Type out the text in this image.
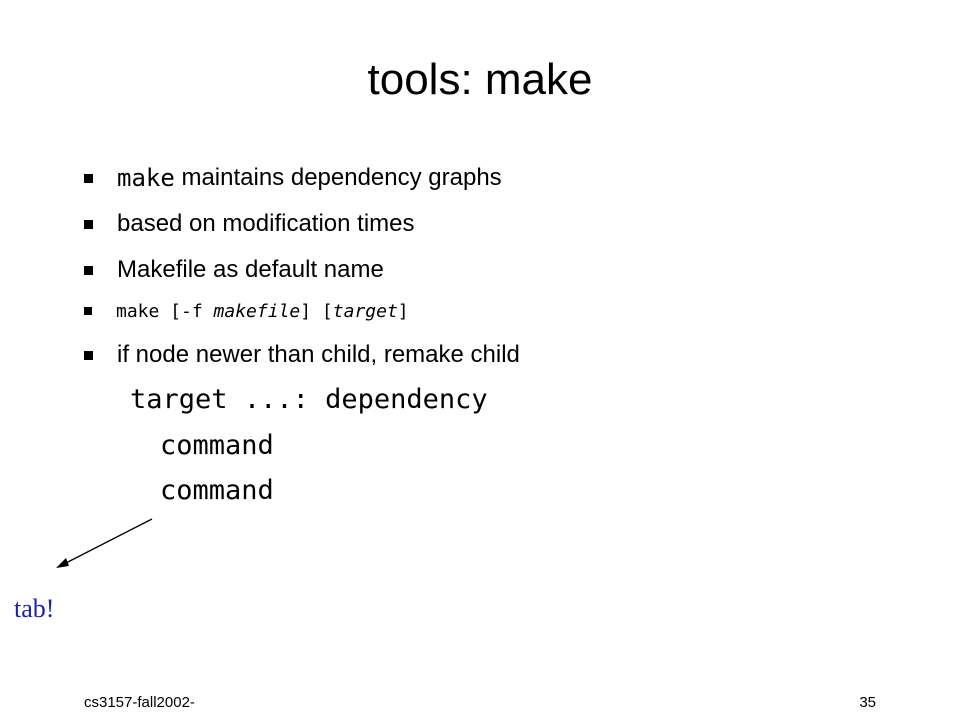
tools: make
make maintains dependency graphs
based on modification times
Makefile as default name
make [-f makefile ] [ target ]
if node newer than child, remake child
target ...: dependency
command
command
tab!
cs3157-fall2002-	35
